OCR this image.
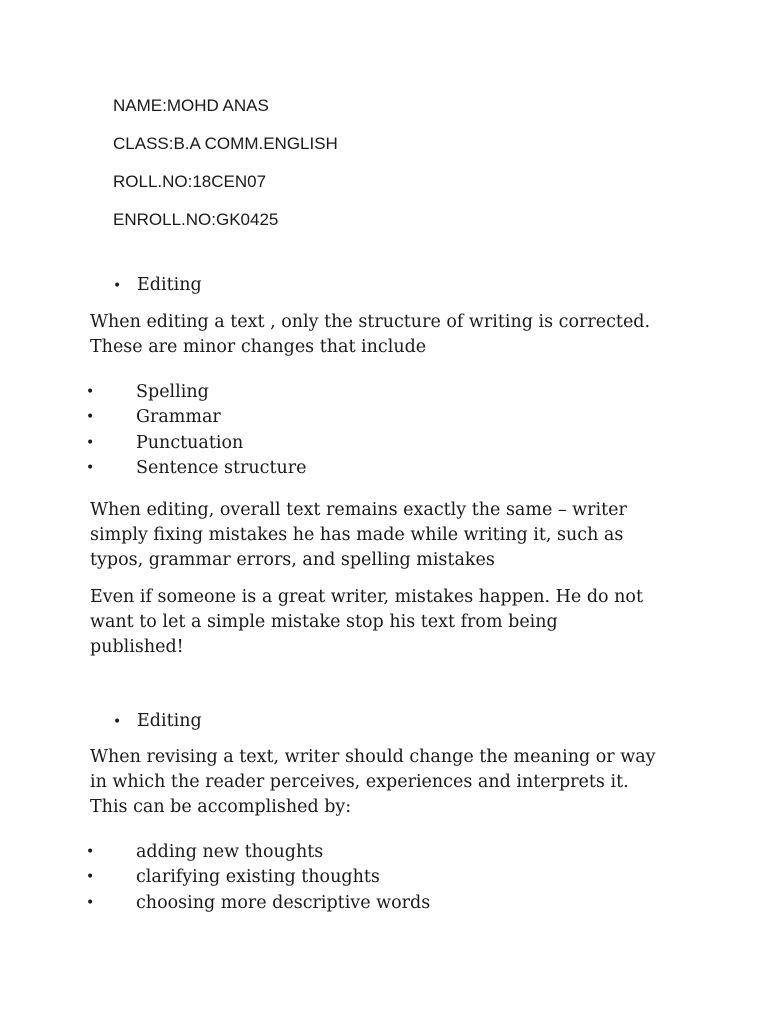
NAME:MOHD ANAS
CLASS:B.A COMM.ENGLISH
ROLL.NO:18CEN07
ENROLL.NO:GK0425
• Editing

When editing a text , only the structure of writing is corrected.
These are minor changes that include

• Spelling
• Grammar
• Punctuation
• Sentence structure

When editing, overall text remains exactly the same – writer
simply fixing mistakes he has made while writing it, such as
typos, grammar errors, and spelling mistakes

Even if someone is a great writer, mistakes happen. He do not
want to let a simple mistake stop his text from being
published!

• Editing

When revising a text, writer should change the meaning or way
in which the reader perceives, experiences and interprets it.
This can be accomplished by:

• adding new thoughts
• clarifying existing thoughts
• choosing more descriptive words
